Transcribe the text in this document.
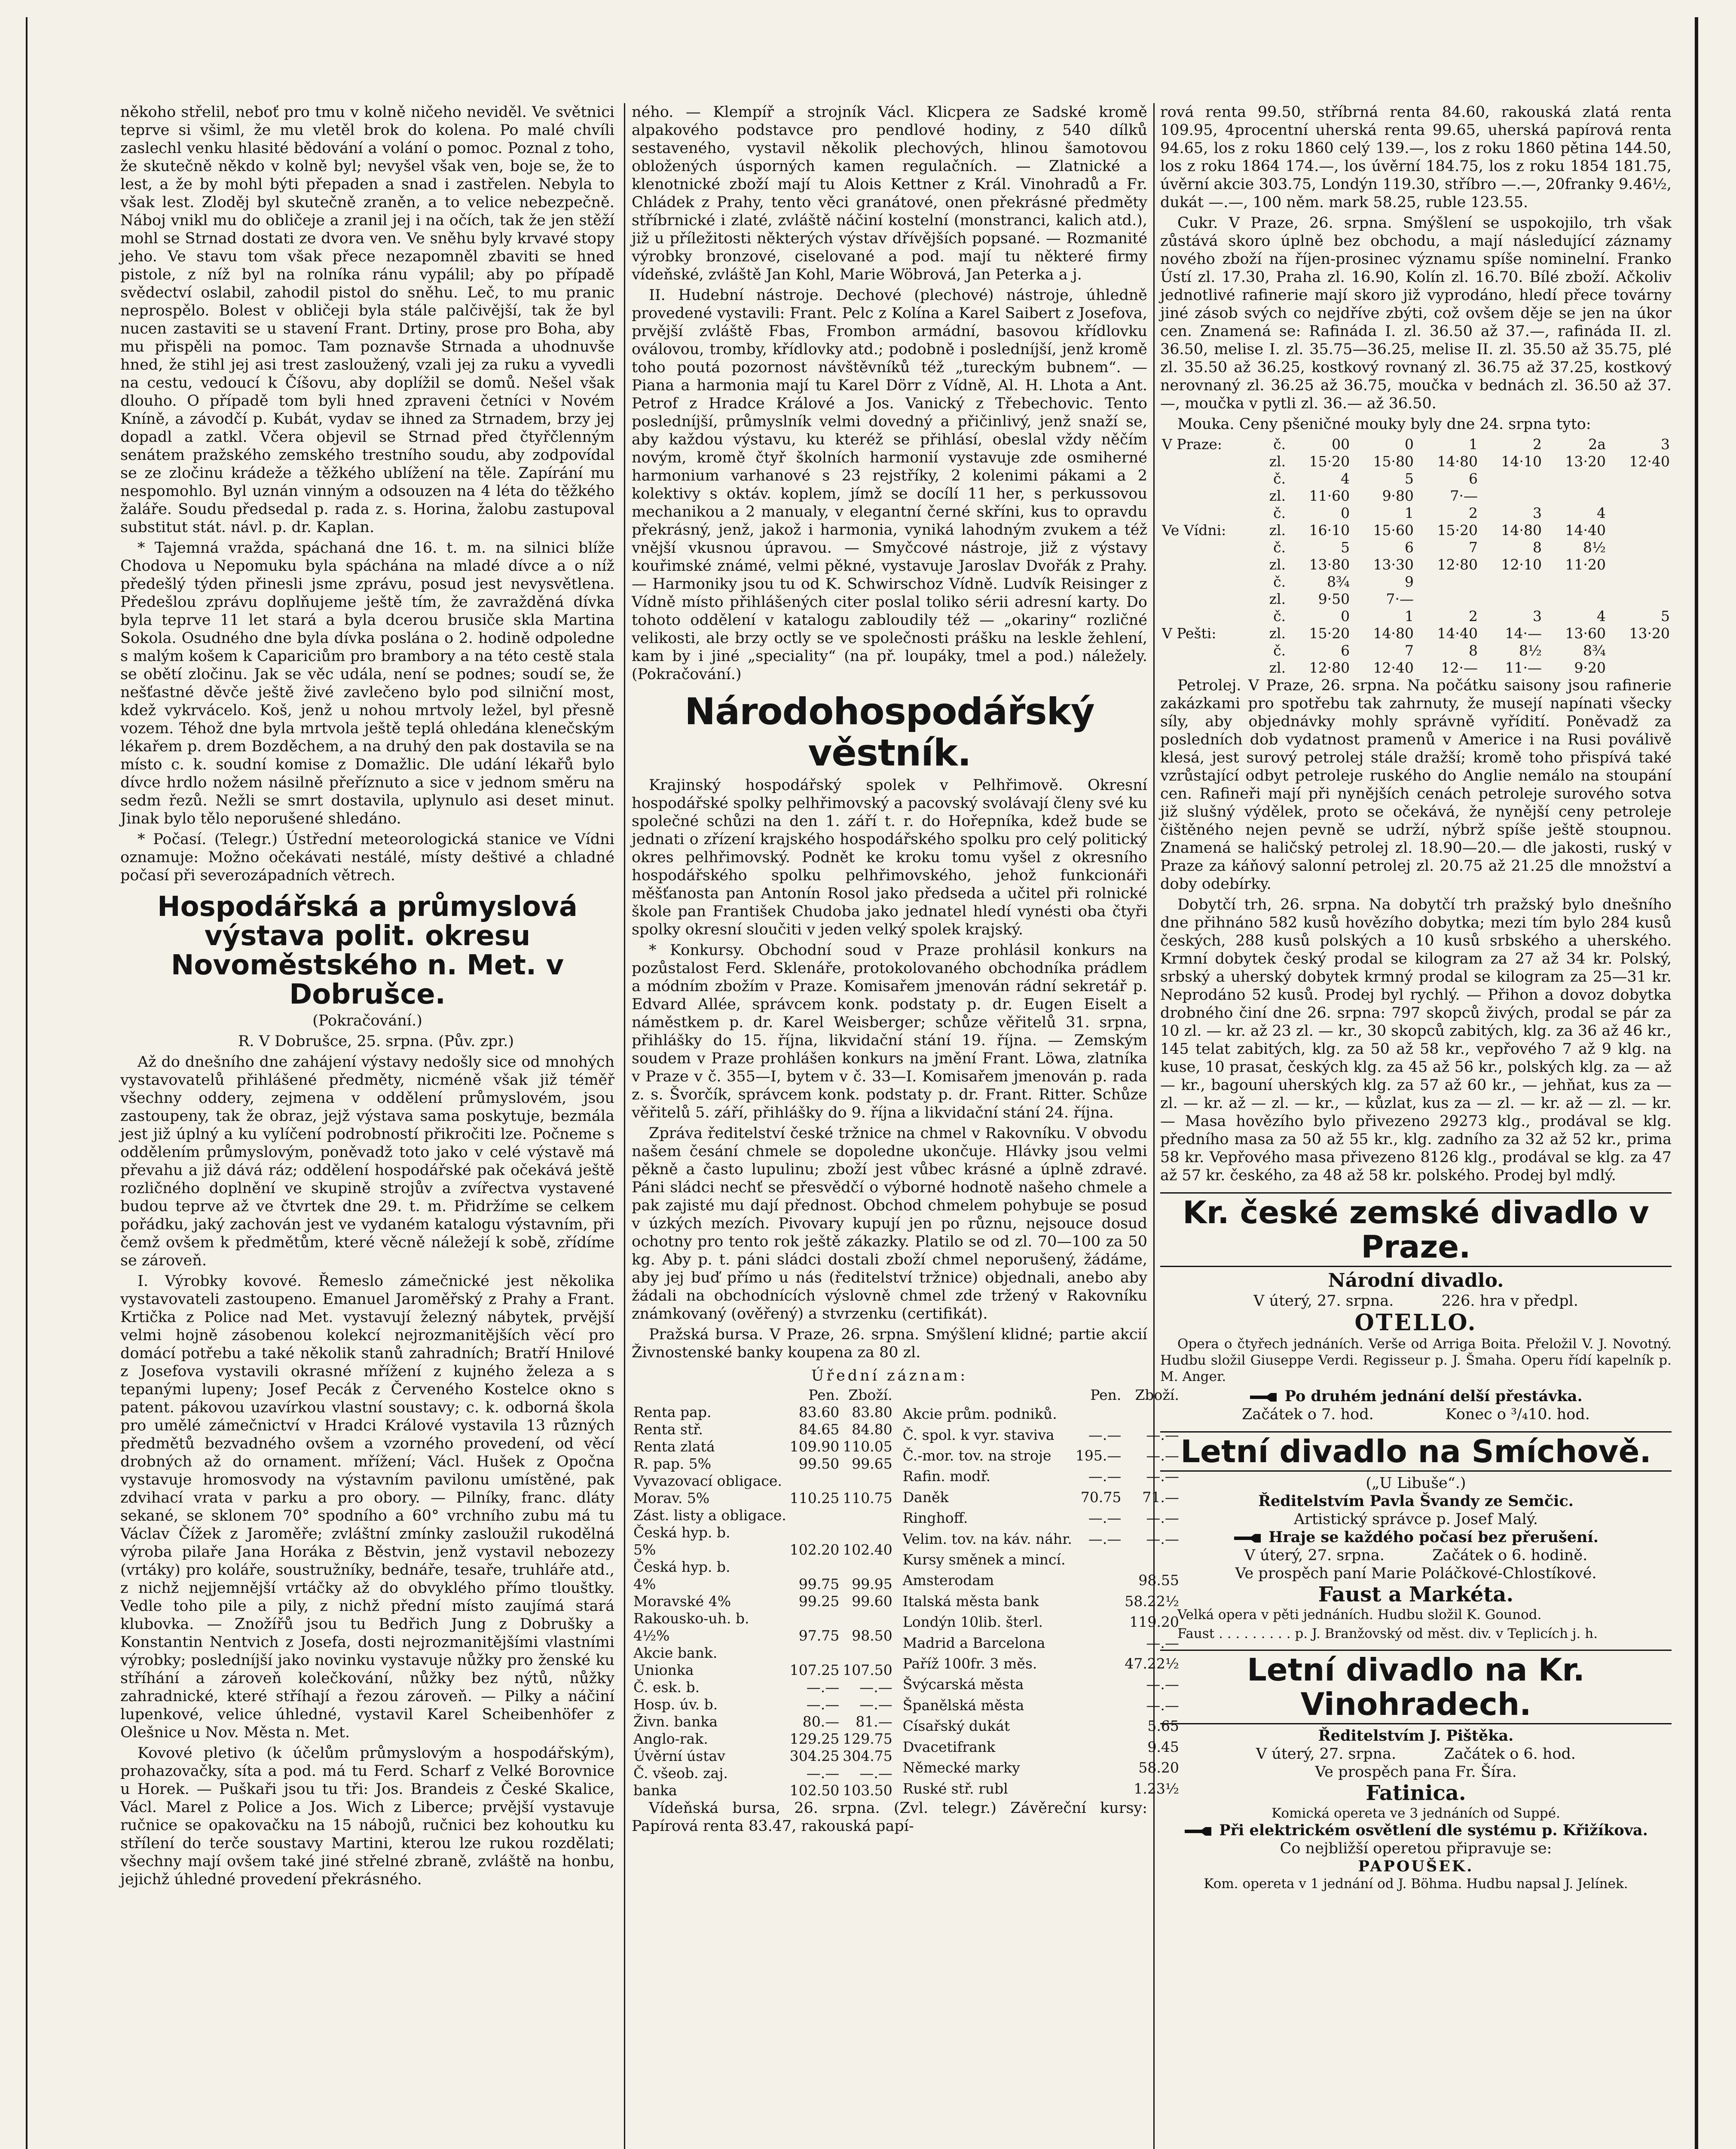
někoho střelil, neboť pro tmu v kolně ničeho neviděl. Ve světnici teprve si všiml, že mu vletěl brok do kolena. Po malé chvíli zaslechl venku hlasité bědování a volání o pomoc. Poznal z toho, že skutečně někdo v kolně byl; nevyšel však ven, boje se, že to lest, a že by mohl býti přepaden a snad i zastřelen. Nebyla to však lest. Zloděj byl skutečně zraněn, a to velice nebezpečně. Náboj vnikl mu do obličeje a zranil jej i na očích, tak že jen stěží mohl se Strnad dostati ze dvora ven. Ve sněhu byly krvavé stopy jeho. Ve stavu tom však přece nezapomněl zbaviti se hned pistole, z níž byl na rolníka ránu vypálil; aby po případě svědectví oslabil, zahodil pistol do sněhu. Leč, to mu pranic neprospělo. Bolest v obličeji byla stále palčivější, tak že byl nucen zastaviti se u stavení Frant. Drtiny, prose pro Boha, aby mu přispěli na pomoc. Tam poznavše Strnada a uhodnuvše hned, že stihl jej asi trest zasloužený, vzali jej za ruku a vyvedli na cestu, vedoucí k Číšovu, aby doplížil se domů. Nešel však dlouho. O případě tom byli hned zpraveni četníci v Novém Kníně, a závodčí p. Kubát, vydav se ihned za Strnadem, brzy jej dopadl a zatkl. Včera objevil se Strnad před čtyřčlenným senátem pražského zemského trestního soudu, aby zodpovídal se ze zločinu krádeže a těžkého ublížení na těle. Zapírání mu nespomohlo. Byl uznán vinným a odsouzen na 4 léta do těžkého žaláře. Soudu předsedal p. rada z. s. Horina, žalobu zastupoval substitut stát. návl. p. dr. Kaplan.

* Tajemná vražda, spáchaná dne 16. t. m. na silnici blíže Chodova u Nepomuku byla spáchána na mladé dívce a o níž předešlý týden přinesli jsme zprávu, posud jest nevysvětlena. Předešlou zprávu doplňujeme ještě tím, že zavražděná dívka byla teprve 11 let stará a byla dcerou brusiče skla Martina Sokola. Osudného dne byla dívka poslána o 2. hodině odpoledne s malým košem k Capariciům pro brambory a na této cestě stala se obětí zločinu. Jak se věc udála, není se podnes; soudí se, že nešťastné děvče ještě živé zavlečeno bylo pod silniční most, kdež vykrvácelo. Koš, jenž u nohou mrtvoly ležel, byl přesně vozem. Téhož dne byla mrtvola ještě teplá ohledána klenečským lékařem p. drem Bozděchem, a na druhý den pak dostavila se na místo c. k. soudní komise z Domažlic. Dle udání lékařů bylo dívce hrdlo nožem násilně přeříznuto a sice v jednom směru na sedm řezů. Nežli se smrt dostavila, uplynulo asi deset minut. Jinak bylo tělo neporušené shledáno.

* Počasí. (Telegr.) Ústřední meteorologická stanice ve Vídni oznamuje: Možno očekávati nestálé, místy deštivé a chladné počasí při severozápadních větrech.

Hospodářská a průmyslová výstava polit. okresu Novoměstského n. Met. v Dobrušce.
(Pokračování.)

R. V Dobrušce, 25. srpna. (Pův. zpr.)

Až do dnešního dne zahájení výstavy nedošly sice od mnohých vystavovatelů přihlášené předměty, nicméně však již téměř všechny oddery, zejmena v oddělení průmyslovém, jsou zastoupeny, tak že obraz, jejž výstava sama poskytuje, bezmála jest již úplný a ku vylíčení podrobností přikročiti lze. Počneme s oddělením průmyslovým, poněvadž toto jako v celé výstavě má převahu a již dává ráz; oddělení hospodářské pak očekává ještě rozličného doplnění ve skupině strojův a zvířectva vystavené budou teprve až ve čtvrtek dne 29. t. m. Přidržíme se celkem pořádku, jaký zachován jest ve vydaném katalogu výstavním, při čemž ovšem k předmětům, které věcně náležejí k sobě, zřídíme se zároveň.

I. Výrobky kovové. Řemeslo zámečnické jest několika vystavovateli zastoupeno. Emanuel Jaroměřský z Prahy a Frant. Krtička z Police nad Met. vystavují železný nábytek, prvější velmi hojně zásobenou kolekcí nejrozmanitějších věcí pro domácí potřebu a také několik stanů zahradních; Bratří Hnilové z Josefova vystavili okrasné mřížení z kujného železa a s tepanými lupeny; Josef Pecák z Červeného Kostelce okno s patent. pákovou uzavírkou vlastní soustavy; c. k. odborná škola pro umělé zámečnictví v Hradci Králové vystavila 13 různých předmětů bezvadného ovšem a vzorného provedení, od věcí drobných až do ornament. mřížení; Václ. Hušek z Opočna vystavuje hromosvody na výstavním pavilonu umístěné, pak zdvihací vrata v parku a pro obory. — Pilníky, franc. dláty sekané, se sklonem 70° spodního a 60° vrchního zubu má tu Václav Čížek z Jaroměře; zvláštní zmínky zasloužil rukodělná výroba pilaře Jana Horáka z Běstvin, jenž vystavil nebozezy (vrtáky) pro koláře, soustružníky, bednáře, tesaře, truhláře atd., z nichž nejjemnější vrtáčky až do obvyklého přímo tlouštky. Vedle toho pile a pily, z nichž přední místo zaujímá stará klubovka. — Znožířů jsou tu Bedřich Jung z Dobrušky a Konstantin Nentvich z Josefa, dosti nejrozmanitějšími vlastními výrobky; posledníjší jako novinku vystavuje nůžky pro ženské ku stříhání a zároveň kolečkování, nůžky bez nýtů, nůžky zahradnické, které stříhají a řezou zároveň. — Pilky a náčiní lupenkové, velice úhledné, vystavil Karel Scheibenhöfer z Olešnice u Nov. Města n. Met.

Kovové pletivo (k účelům průmyslovým a hospodářským), prohazovačky, síta a pod. má tu Ferd. Scharf z Velké Borovnice u Horek. — Puškaři jsou tu tři: Jos. Brandeis z České Skalice, Václ. Marel z Police a Jos. Wich z Liberce; prvější vystavuje ručnice se opakovačku na 15 nábojů, ručnici bez kohoutku ku střílení do terče soustavy Martini, kterou lze rukou rozdělati; všechny mají ovšem také jiné střelné zbraně, zvláště na honbu, jejichž úhledné provedení překrásného.

ného. — Klempíř a strojník Václ. Klicpera ze Sadské kromě alpakového podstavce pro pendlové hodiny, z 540 dílků sestaveného, vystavil několik plechových, hlinou šamotovou obložených úsporných kamen regulačních. — Zlatnické a klenotnické zboží mají tu Alois Kettner z Král. Vinohradů a Fr. Chládek z Prahy, tento věci granátové, onen překrásné předměty stříbrnické i zlaté, zvláště náčiní kostelní (monstranci, kalich atd.), již u příležitosti některých výstav dřívějších popsané. — Rozmanité výrobky bronzové, ciselované a pod. mají tu některé firmy vídeňské, zvláště Jan Kohl, Marie Wöbrová, Jan Peterka a j.

II. Hudební nástroje. Dechové (plechové) nástroje, úhledně provedené vystavili: Frant. Pelc z Kolína a Karel Saibert z Josefova, prvější zvláště Fbas, Frombon armádní, basovou křídlovku oválovou, tromby, křídlovky atd.; podobně i posledníjší, jenž kromě toho poutá pozornost návštěvníků též „tureckým bubnem“. — Piana a harmonia mají tu Karel Dörr z Vídně, Al. H. Lhota a Ant. Petrof z Hradce Králové a Jos. Vanický z Třebechovic. Tento posledníjší, průmyslník velmi dovedný a přičinlivý, jenž snaží se, aby každou výstavu, ku kteréž se přihlásí, obeslal vždy něčím novým, kromě čtyř školních harmonií vystavuje zde osmiherné harmonium varhanové s 23 rejstříky, 2 kolenimi pákami a 2 kolektivy s oktáv. koplem, jímž se docílí 11 her, s perkussovou mechanikou a 2 manualy, v elegantní černé skříni, kus to opravdu překrásný, jenž, jakož i harmonia, vyniká lahodným zvukem a též vnější vkusnou úpravou. — Smyčcové nástroje, již z výstavy kouřimské známé, velmi pěkné, vystavuje Jaroslav Dvořák z Prahy. — Harmoniky jsou tu od K. Schwirschoz Vídně. Ludvík Reisinger z Vídně místo přihlášených citer poslal toliko sérii adresní karty. Do tohoto oddělení v katalogu zabloudily též — „okariny“ rozličné velikosti, ale brzy octly se ve společnosti prášku na leskle žehlení, kam by i jiné „speciality“ (na př. loupáky, tmel a pod.) náležely. (Pokračování.)

Národohospodářský věstník.

Krajinský hospodářský spolek v Pelhřimově. Okresní hospodářské spolky pelhřimovský a pacovský svolávají členy své ku společné schůzi na den 1. září t. r. do Hořepníka, kdež bude se jednati o zřízení krajského hospodářského spolku pro celý politický okres pelhřimovský. Podnět ke kroku tomu vyšel z okresního hospodářského spolku pelhřimovského, jehož funkcionáři měšťanosta pan Antonín Rosol jako předseda a učitel při rolnické škole pan František Chudoba jako jednatel hledí vynésti oba čtyři spolky okresní sloučiti v jeden velký spolek krajský.

* Konkursy. Obchodní soud v Praze prohlásil konkurs na pozůstalost Ferd. Sklenáře, protokolovaného obchodníka prádlem a módním zbožím v Praze. Komisařem jmenován rádní sekretář p. Edvard Allée, správcem konk. podstaty p. dr. Eugen Eiselt a náměstkem p. dr. Karel Weisberger; schůze věřitelů 31. srpna, přihlášky do 15. října, likvidační stání 19. října. — Zemským soudem v Praze prohlášen konkurs na jmění Frant. Löwa, zlatníka v Praze v č. 355—I, bytem v č. 33—I. Komisařem jmenován p. rada z. s. Švorčík, správcem konk. podstaty p. dr. Frant. Ritter. Schůze věřitelů 5. září, přihlášky do 9. října a likvidační stání 24. října.

Zpráva ředitelství české tržnice na chmel v Rakovníku. V obvodu našem česání chmele se dopoledne ukončuje. Hlávky jsou velmi pěkně a často lupulinu; zboží jest vůbec krásné a úplně zdravé. Páni sládci nechť se přesvědčí o výborné hodnotě našeho chmele a pak zajisté mu dají přednost. Obchod chmelem pohybuje se posud v úzkých mezích. Pivovary kupují jen po různu, nejsouce dosud ochotny pro tento rok ještě zákazky. Platilo se od zl. 70—100 za 50 kg. Aby p. t. páni sládci dostali zboží chmel neporušený, žádáme, aby jej buď přímo u nás (ředitelství tržnice) objednali, anebo aby žádali na obchodnících výslovně chmel zde tržený v Rakovníku známkovaný (ověřený) a stvrzenku (certifikát).

Pražská bursa. V Praze, 26. srpna. Smýšlení klidné; partie akcií Živnostenské banky koupena za 80 zl.

Úřední záznam:
	Pen.	Zboží.
Renta pap.	83.60	83.80
Renta stř.	84.65	84.80
Renta zlatá	109.90	110.05
R. pap. 5%	99.50	99.65
Vyvazovací obligace.		
Morav. 5%	110.25	110.75
Zást. listy a obligace.		
Česká hyp. b.		
5%	102.20	102.40
Česká hyp. b.		
4%	99.75	99.95
Moravské 4%	99.25	99.60
Rakousko-uh. b.		
4½%	97.75	98.50
Akcie bank.		
Unionka	107.25	107.50
Č. esk. b.	—.—	—.—
Hosp. úv. b.	—.—	—.—
Živn. banka	80.—	81.—
Anglo-rak.	129.25	129.75
Úvěrní ústav	304.25	304.75
Č. všeob. zaj.	—.—	—.—
banka	102.50	103.50
	Pen.	Zboží.
Akcie prům. podniků.		
Č. spol. k vyr. staviva	—.—	—.—
Č.-mor. tov. na stroje	195.—	—.—
Rafin. modř.	—.—	—.—
Daněk	70.75	71.—
Ringhoff.	—.—	—.—
Velim. tov. na káv. náhr.	—.—	—.—
Kursy směnek a mincí.		
Amsterodam		98.55
Italská města bank		58.22½
Londýn 10lib. šterl.		119.20
Madrid a Barcelona		—.—
Paříž 100fr. 3 měs.		47.22½
Švýcarská města		—.—
Španělská města		—.—
Císařský dukát		5.65
Dvacetifrank		9.45
Německé marky		58.20
Ruské stř. rubl		1.23½

Vídeňská bursa, 26. srpna. (Zvl. telegr.) Závěreční kursy: Papírová renta 83.47, rakouská papí-

rová renta 99.50, stříbrná renta 84.60, rakouská zlatá renta 109.95, 4procentní uherská renta 99.65, uherská papírová renta 94.65, los z roku 1860 celý 139.—, los z roku 1860 pětina 144.50, los z roku 1864 174.—, los úvěrní 184.75, los z roku 1854 181.75, úvěrní akcie 303.75, Londýn 119.30, stříbro —.—, 20franky 9.46½, dukát —.—, 100 něm. mark 58.25, ruble 123.55.

Cukr. V Praze, 26. srpna. Smýšlení se uspokojilo, trh však zůstává skoro úplně bez obchodu, a mají následující záznamy nového zboží na říjen-prosinec významu spíše nominelní. Franko Ústí zl. 17.30, Praha zl. 16.90, Kolín zl. 16.70. Bílé zboží. Ačkoliv jednotlivé rafinerie mají skoro již vyprodáno, hledí přece továrny jiné zásob svých co nejdříve zbýti, což ovšem děje se jen na úkor cen. Znamená se: Rafináda I. zl. 36.50 až 37.—, rafináda II. zl. 36.50, melise I. zl. 35.75—36.25, melise II. zl. 35.50 až 35.75, plé zl. 35.50 až 36.25, kostkový rovnaný zl. 36.75 až 37.25, kostkový nerovnaný zl. 36.25 až 36.75, moučka v bednách zl. 36.50 až 37.—, moučka v pytli zl. 36.— až 36.50.

Mouka. Ceny pšeničné mouky byly dne 24. srpna tyto:

V Praze:	č.	00	0	1	2	2a	3
	zl.	15·20	15·80	14·80	14·10	13·20	12·40
	č.	4	5	6			
	zl.	11·60	9·80	7·—			
	č.	0	1	2	3	4	
Ve Vídni:	zl.	16·10	15·60	15·20	14·80	14·40	
	č.	5	6	7	8	8½	
	zl.	13·80	13·30	12·80	12·10	11·20	
	č.	8¾	9				
	zl.	9·50	7·—				
	č.	0	1	2	3	4	5
V Pešti:	zl.	15·20	14·80	14·40	14·—	13·60	13·20
	č.	6	7	8	8½	8¾	
	zl.	12·80	12·40	12·—	11·—	9·20	

Petrolej. V Praze, 26. srpna. Na počátku saisony jsou rafinerie zakázkami pro spotřebu tak zahrnuty, že musejí napínati všecky síly, aby objednávky mohly správně vyřídití. Poněvadž za posledních dob vydatnost pramenů v Americe i na Rusi poválivě klesá, jest surový petrolej stále dražší; kromě toho přispívá také vzrůstající odbyt petroleje ruského do Anglie nemálo na stoupání cen. Rafineři mají při nynějších cenách petroleje surového sotva již slušný výdělek, proto se očekává, že nynější ceny petroleje čištěného nejen pevně se udrží, nýbrž spíše ještě stoupnou. Znamená se haličský petrolej zl. 18.90—20.— dle jakosti, ruský v Praze za káňový salonní petrolej zl. 20.75 až 21.25 dle množství a doby odebírky.

Dobytčí trh, 26. srpna. Na dobytčí trh pražský bylo dnešního dne přihnáno 582 kusů hovězího dobytka; mezi tím bylo 284 kusů českých, 288 kusů polských a 10 kusů srbského a uherského. Krmní dobytek český prodal se kilogram za 27 až 34 kr. Polský, srbský a uherský dobytek krmný prodal se kilogram za 25—31 kr. Neprodáno 52 kusů. Prodej byl rychlý. — Přihon a dovoz dobytka drobného činí dne 26. srpna: 797 skopců živých, prodal se pár za 10 zl. — kr. až 23 zl. — kr., 30 skopců zabitých, klg. za 36 až 46 kr., 145 telat zabitých, klg. za 50 až 58 kr., vepřového 7 až 9 klg. na kuse, 10 prasat, českých klg. za 45 až 56 kr., polských klg. za — až — kr., bagouní uherských klg. za 57 až 60 kr., — jehňat, kus za — zl. — kr. až — zl. — kr., — kůzlat, kus za — zl. — kr. až — zl. — kr. — Masa hovězího bylo přivezeno 29273 klg., prodával se klg. předního masa za 50 až 55 kr., klg. zadního za 32 až 52 kr., prima 58 kr. Vepřového masa přivezeno 8126 klg., prodával se klg. za 47 až 57 kr. českého, za 48 až 58 kr. polského. Prodej byl mdlý.

Kr. české zemské divadlo v Praze.
Národní divadlo.
V úterý, 27. srpna.          226. hra v předpl.
OTELLO.

Opera o čtyřech jednáních. Verše od Arriga Boita. Přeložil V. J. Novotný. Hudbu složil Giuseppe Verdi. Regisseur p. J. Šmaha. Operu řídí kapelník p. M. Anger.

Po druhém jednání delší přestávka.
Začátek o 7. hod.               Konec o ³/₄10. hod.
Letní divadlo na Smíchově.
(„U Libuše“.)
Ředitelstvím Pavla Švandy ze Semčic.
Artistický správce p. Josef Malý.
Hraje se každého počasí bez přerušení.
V úterý, 27. srpna.          Začátek o 6. hodině.
Ve prospěch paní Marie Poláčkové-Chlostíkové.
Faust a Markéta.

Velká opera v pěti jednáních. Hudbu složil K. Gounod.

Faust . . . . . . . . . p. J. Branžovský od měst. div. v Teplicích j. h.

Letní divadlo na Kr. Vinohradech.
Ředitelstvím J. Pištěka.
V úterý, 27. srpna.          Začátek o 6. hod.
Ve prospěch pana Fr. Šíra.
Fatinica.
Komická opereta ve 3 jednáních od Suppé.
Při elektrickém osvětlení dle systému p. Křižíkova.
Co nejbližší operetou připravuje se:
PAPOUŠEK.
Kom. opereta v 1 jednání od J. Böhma. Hudbu napsal J. Jelínek.
